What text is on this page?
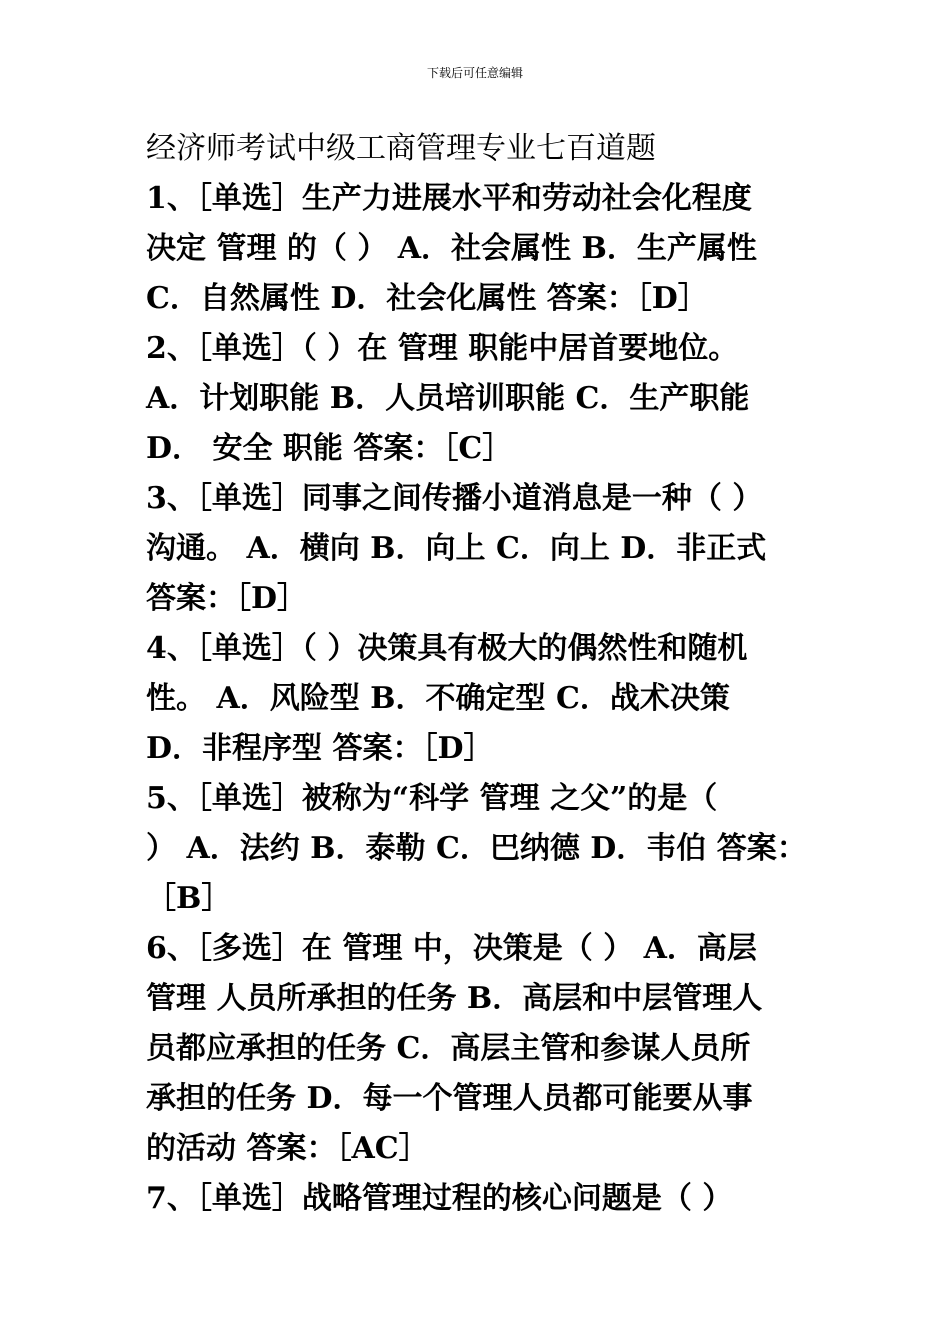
下载后可任意编辑
经济师考试中级工商管理专业七百道题
1、［单选］生产力进展水平和劳动社会化程度
决定 管理 的（ ） A．社会属性 B．生产属性
C．自然属性 D．社会化属性 答案：［D］
2、［单选］（ ）在 管理 职能中居首要地位。
A．计划职能 B．人员培训职能 C．生产职能
D． 安全 职能 答案：［C］
3、［单选］同事之间传播小道消息是一种（ ）
沟通。 A．横向 B．向上 C．向上 D．非正式
答案：［D］
4、［单选］（ ）决策具有极大的偶然性和随机
性。 A．风险型 B．不确定型 C．战术决策
D．非程序型 答案：［D］
5、［单选］被称为“科学 管理 之父”的是（
） A．法约 B．泰勒 C．巴纳德 D．韦伯 答案：
［B］
6、［多选］在 管理 中，决策是（ ） A．高层
管理 人员所承担的任务 B．高层和中层管理人
员都应承担的任务 C．高层主管和参谋人员所
承担的任务 D．每一个管理人员都可能要从事
的活动 答案：［AC］
7、［单选］战略管理过程的核心问题是（ ）
